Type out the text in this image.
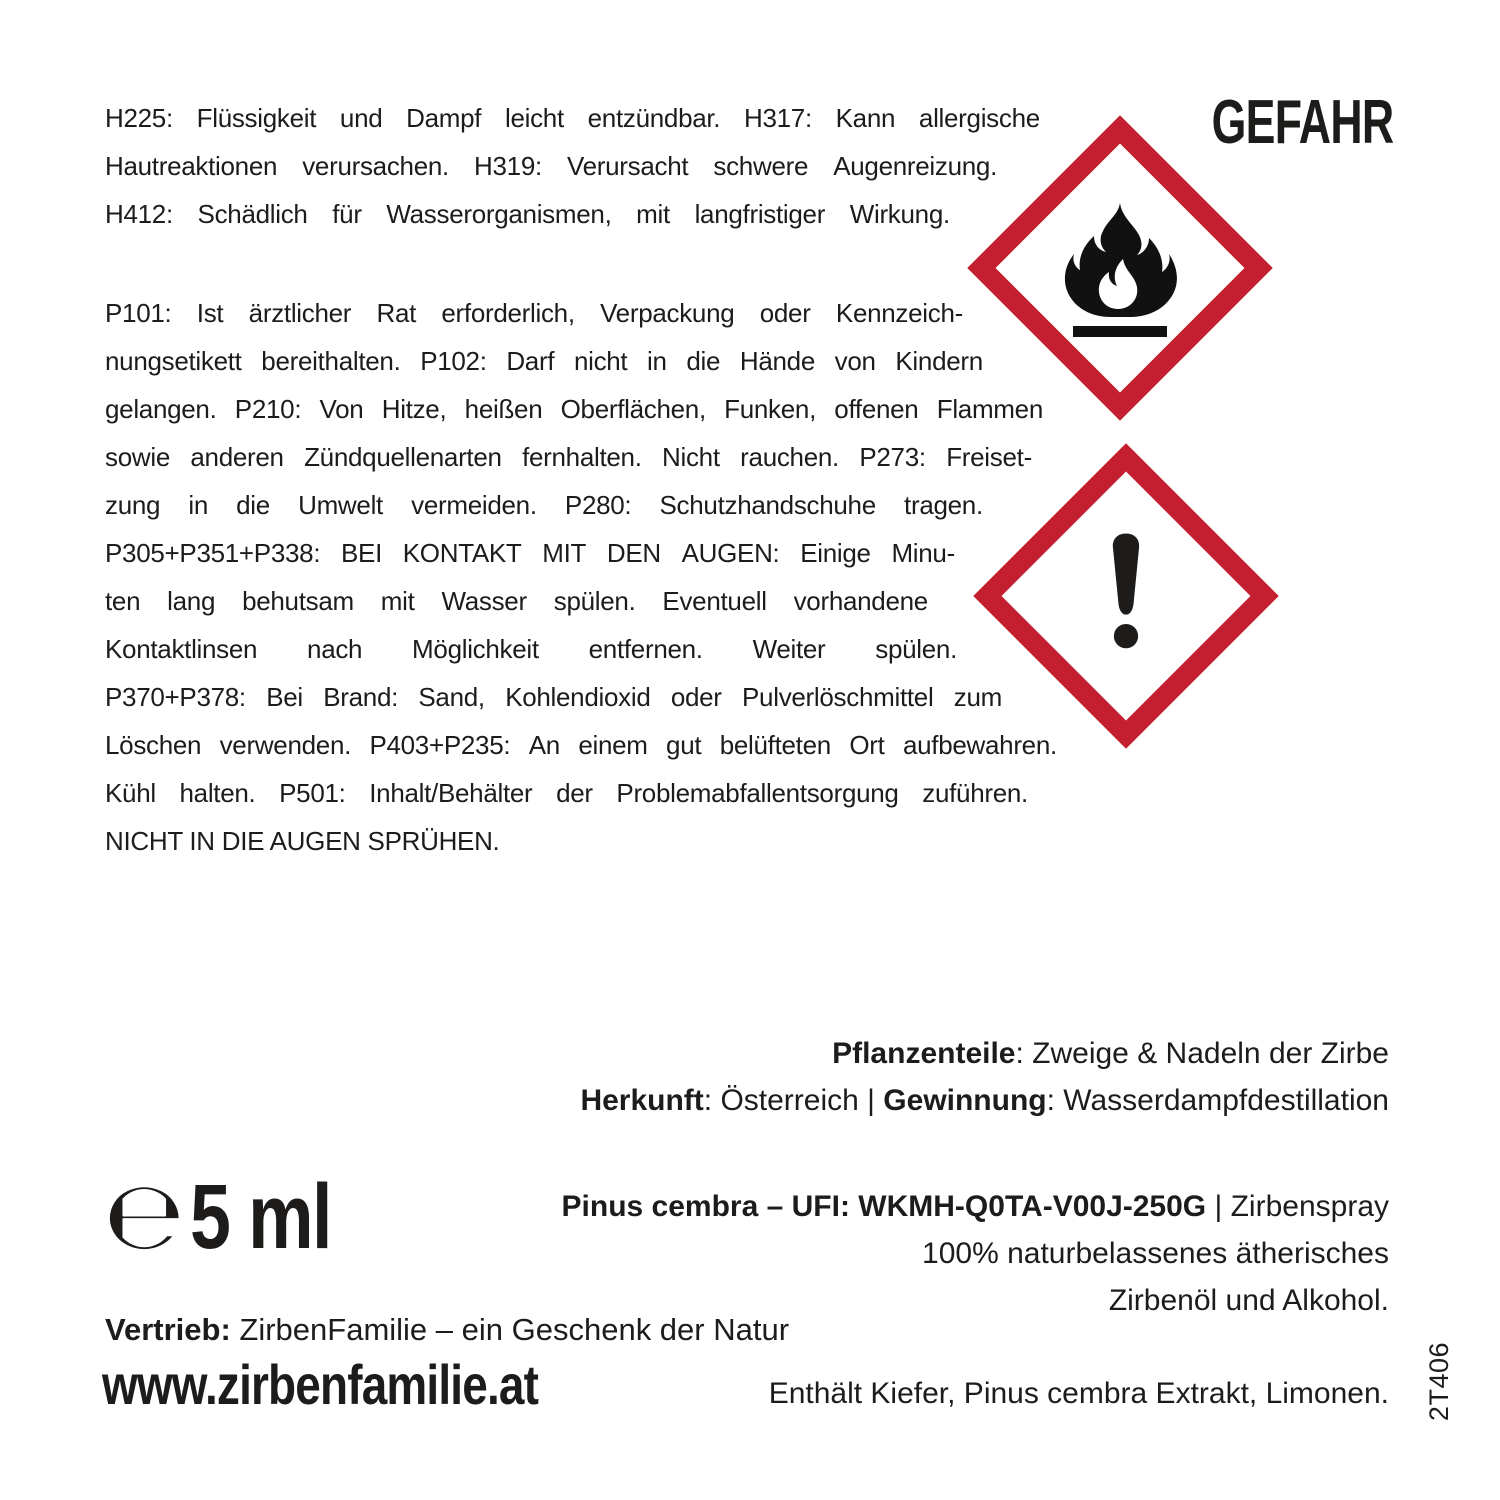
H225: Flüssigkeit und Dampf leicht entzündbar. H317: Kann allergische
Hautreaktionen verursachen. H319: Verursacht schwere Augenreizung.
H412: Schädlich für Wasserorganismen, mit langfristiger Wirkung.
P101: Ist ärztlicher Rat erforderlich, Verpackung oder Kennzeich-
nungsetikett bereithalten. P102: Darf nicht in die Hände von Kindern
gelangen. P210: Von Hitze, heißen Oberflächen, Funken, offenen Flammen
sowie anderen Zündquellenarten fernhalten. Nicht rauchen. P273: Freiset-
zung in die Umwelt vermeiden. P280: Schutzhandschuhe tragen.
P305+P351+P338: BEI KONTAKT MIT DEN AUGEN: Einige Minu-
ten lang behutsam mit Wasser spülen. Eventuell vorhandene
Kontaktlinsen nach Möglichkeit entfernen. Weiter spülen.
P370+P378: Bei Brand: Sand, Kohlendioxid oder Pulverlöschmittel zum
Löschen verwenden. P403+P235: An einem gut belüfteten Ort aufbewahren.
Kühl halten. P501: Inhalt/Behälter der Problemabfallentsorgung zuführen.
NICHT IN DIE AUGEN SPRÜHEN.
GEFAHR
Pflanzenteile: Zweige & Nadeln der Zirbe
Herkunft: Österreich | Gewinnung: Wasserdampfdestillation
Pinus cembra – UFI: WKMH-Q0TA-V00J-250G | Zirbenspray
100% naturbelassenes ätherisches
Zirbenöl und Alkohol.
Enthält Kiefer, Pinus cembra Extrakt, Limonen.
℮ 5 ml
Vertrieb: ZirbenFamilie – ein Geschenk der Natur
www.zirbenfamilie.at	2T406
